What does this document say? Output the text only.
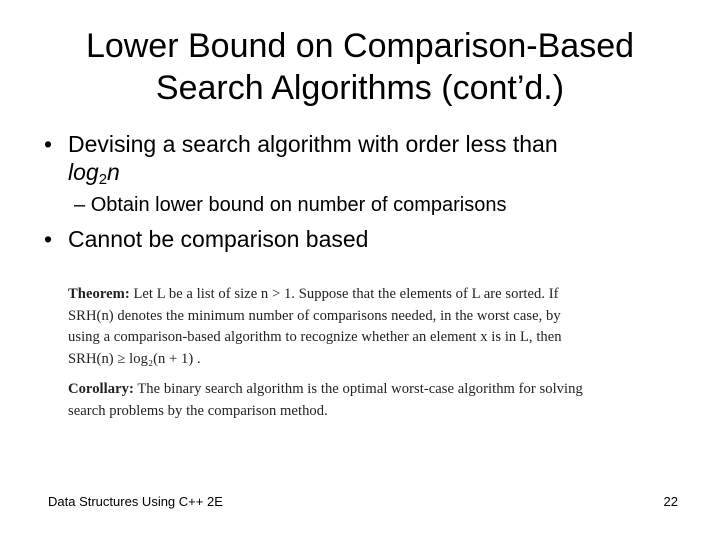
Lower Bound on Comparison-Based
Search Algorithms (cont’d.)
• Devising a search algorithm with order less than
$\log_2n$
– Obtain lower bound on number of comparisons
• Cannot be comparison based
Theorem: Let L be a list of size n > 1. Suppose that the elements of L are sorted. If
SRH(n) denotes the minimum number of comparisons needed, in the worst case, by
using a comparison-based algorithm to recognize whether an element x is in L, then
SRH(n) ≥ log₂(n + 1) .
Corollary: The binary search algorithm is the optimal worst-case algorithm for solving
search problems by the comparison method.
Data Structures Using C++ 2E	22
